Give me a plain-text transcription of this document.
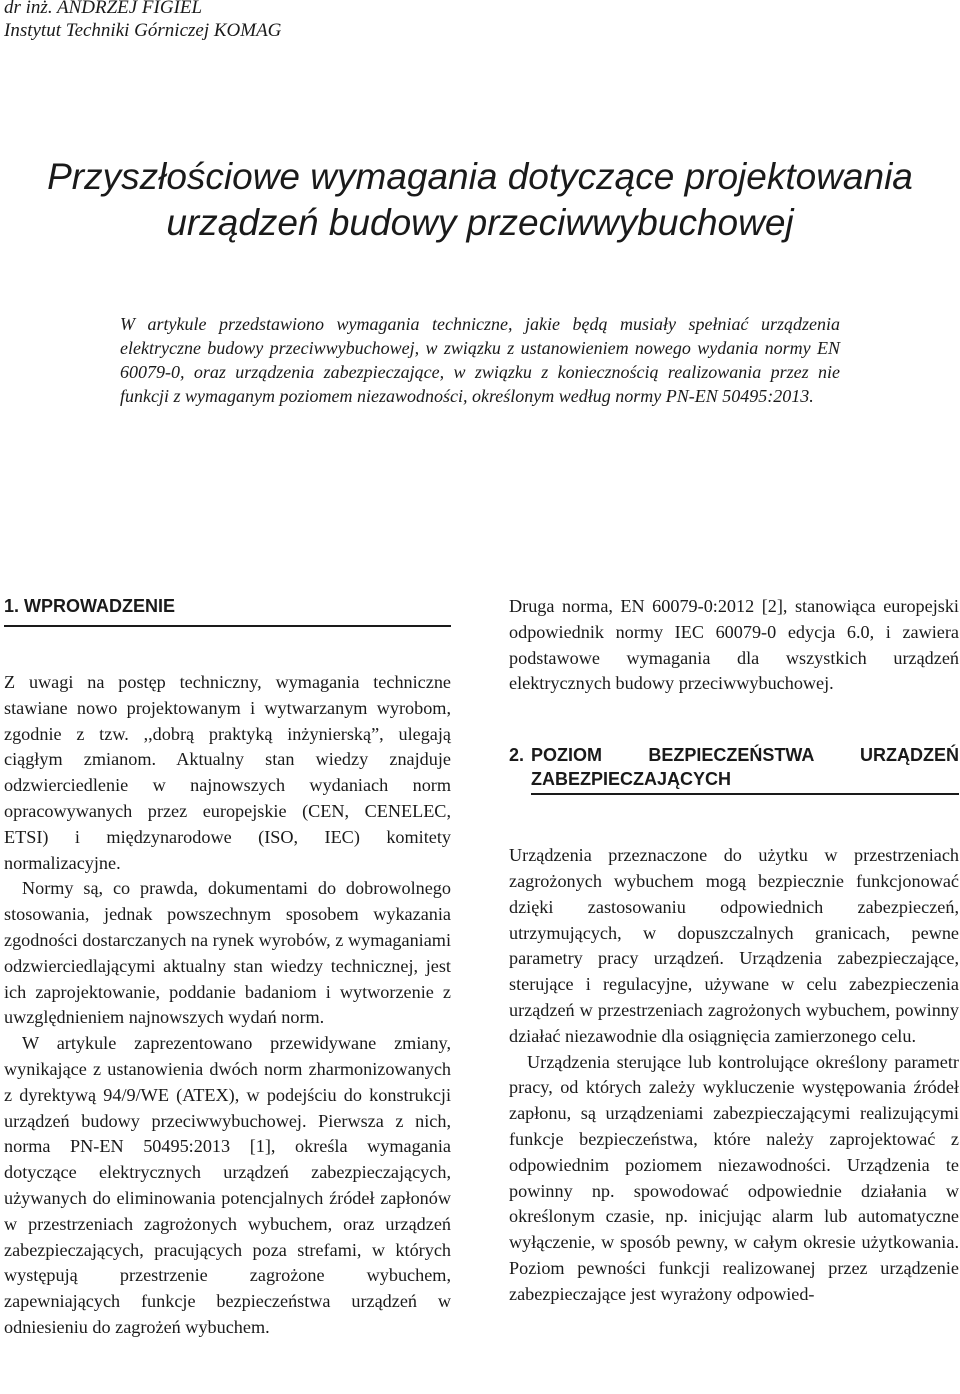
dr inż. ANDRZEJ FIGIEL
Instytut Techniki Górniczej KOMAG
Przyszłościowe wymagania dotyczące projektowania
urządzeń budowy przeciwwybuchowej
W artykule przedstawiono wymagania techniczne, jakie będą musiały spełniać urządzenia elektryczne budowy przeciwwybuchowej, w związku z ustanowieniem nowego wydania normy EN 60079-0, oraz urządzenia zabezpieczające, w związku z koniecznością realizowania przez nie funkcji z wymaganym poziomem niezawodności, określonym według normy PN-EN 50495:2013.
1. WPROWADZENIE

Z uwagi na postęp techniczny, wymagania techniczne stawiane nowo projektowanym i wytwarzanym wyrobom, zgodnie z tzw. ,,dobrą praktyką inżynierską”, ulegają ciągłym zmianom. Aktualny stan wiedzy znajduje odzwierciedlenie w najnowszych wydaniach norm opracowywanych przez europejskie (CEN, CENELEC, ETSI) i międzynarodowe (ISO, IEC) komitety normalizacyjne.

Normy są, co prawda, dokumentami do dobrowolnego stosowania, jednak powszechnym sposobem wykazania zgodności dostarczanych na rynek wyrobów, z wymaganiami odzwierciedlającymi aktualny stan wiedzy technicznej, jest ich zaprojektowanie, poddanie badaniom i wytworzenie z uwzględnieniem najnowszych wydań norm.

W artykule zaprezentowano przewidywane zmiany, wynikające z ustanowienia dwóch norm zharmonizowanych z dyrektywą 94/9/WE (ATEX), w podejściu do konstrukcji urządzeń budowy przeciwwybuchowej. Pierwsza z nich, norma PN-EN 50495:2013 [1], określa wymagania dotyczące elektrycznych urządzeń zabezpieczających, używanych do eliminowania potencjalnych źródeł zapłonów w przestrzeniach zagrożonych wybuchem, oraz urządzeń zabezpieczających, pracujących poza strefami, w których występują przestrzenie zagrożone wybuchem, zapewniających funkcje bezpieczeństwa urządzeń w odniesieniu do zagrożeń wybuchem.

Druga norma, EN 60079-0:2012 [2], stanowiąca europejski odpowiednik normy IEC 60079-0 edycja 6.0, i zawiera podstawowe wymagania dla wszystkich urządzeń elektrycznych budowy przeciwwybuchowej.

2. POZIOM BEZPIECZEŃSTWA URZĄDZEŃ
ZABEZPIECZAJĄCYCH

Urządzenia przeznaczone do użytku w przestrzeniach zagrożonych wybuchem mogą bezpiecznie funkcjonować dzięki zastosowaniu odpowiednich zabezpieczeń, utrzymujących, w dopuszczalnych granicach, pewne parametry pracy urządzeń. Urządzenia zabezpieczające, sterujące i regulacyjne, używane w celu zabezpieczenia urządzeń w przestrzeniach zagrożonych wybuchem, powinny działać niezawodnie dla osiągnięcia zamierzonego celu.

Urządzenia sterujące lub kontrolujące określony parametr pracy, od których zależy wykluczenie występowania źródeł zapłonu, są urządzeniami zabezpieczającymi realizującymi funkcje bezpieczeństwa, które należy zaprojektować z odpowiednim poziomem niezawodności. Urządzenia te powinny np. spowodować odpowiednie działania w określonym czasie, np. inicjując alarm lub automatyczne wyłączenie, w sposób pewny, w całym okresie użytkowania. Poziom pewności funkcji realizowanej przez urządzenie zabezpieczające jest wyrażony odpowied-
